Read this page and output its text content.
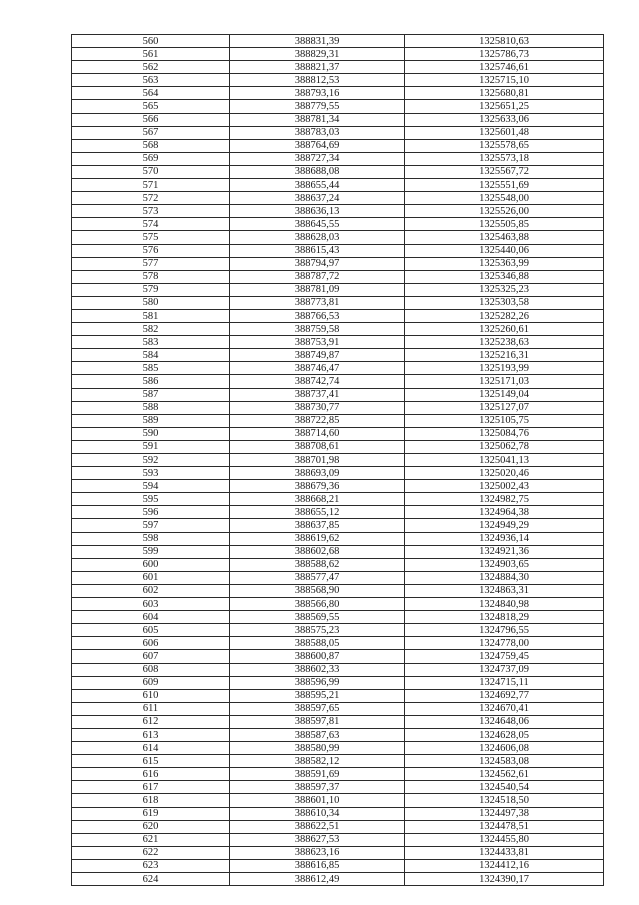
560	388831,39	1325810,63
561	388829,31	1325786,73
562	388821,37	1325746,61
563	388812,53	1325715,10
564	388793,16	1325680,81
565	388779,55	1325651,25
566	388781,34	1325633,06
567	388783,03	1325601,48
568	388764,69	1325578,65
569	388727,34	1325573,18
570	388688,08	1325567,72
571	388655,44	1325551,69
572	388637,24	1325548,00
573	388636,13	1325526,00
574	388645,55	1325505,85
575	388628,03	1325463,88
576	388615,43	1325440,06
577	388794,97	1325363,99
578	388787,72	1325346,88
579	388781,09	1325325,23
580	388773,81	1325303,58
581	388766,53	1325282,26
582	388759,58	1325260,61
583	388753,91	1325238,63
584	388749,87	1325216,31
585	388746,47	1325193,99
586	388742,74	1325171,03
587	388737,41	1325149,04
588	388730,77	1325127,07
589	388722,85	1325105,75
590	388714,60	1325084,76
591	388708,61	1325062,78
592	388701,98	1325041,13
593	388693,09	1325020,46
594	388679,36	1325002,43
595	388668,21	1324982,75
596	388655,12	1324964,38
597	388637,85	1324949,29
598	388619,62	1324936,14
599	388602,68	1324921,36
600	388588,62	1324903,65
601	388577,47	1324884,30
602	388568,90	1324863,31
603	388566,80	1324840,98
604	388569,55	1324818,29
605	388575,23	1324796,55
606	388588,05	1324778,00
607	388600,87	1324759,45
608	388602,33	1324737,09
609	388596,99	1324715,11
610	388595,21	1324692,77
611	388597,65	1324670,41
612	388597,81	1324648,06
613	388587,63	1324628,05
614	388580,99	1324606,08
615	388582,12	1324583,08
616	388591,69	1324562,61
617	388597,37	1324540,54
618	388601,10	1324518,50
619	388610,34	1324497,38
620	388622,51	1324478,51
621	388627,53	1324455,80
622	388623,16	1324433,81
623	388616,85	1324412,16
624	388612,49	1324390,17
